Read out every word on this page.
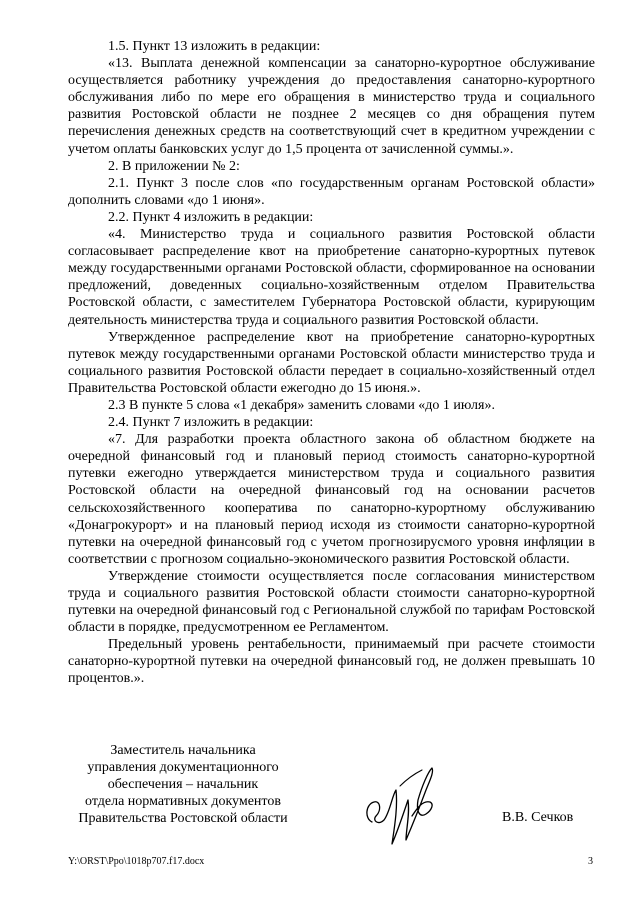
1.5. Пункт 13 изложить в редакции:

«13. Выплата денежной компенсации за санаторно-курортное обслуживание осуществляется работнику учреждения до предоставления санаторно-курортного обслуживания либо по мере его обращения в министерство труда и социального развития Ростовской области не позднее 2 месяцев со дня обращения путем перечисления денежных средств на соответствующий счет в кредитном учреждении с учетом оплаты банковских услуг до 1,5 процента от зачисленной суммы.».

2. В приложении № 2:

2.1. Пункт 3 после слов «по государственным органам Ростовской области» дополнить словами «до 1 июня».

2.2. Пункт 4 изложить в редакции:

«4. Министерство труда и социального развития Ростовской области согласовывает распределение квот на приобретение санаторно-курортных путевок между государственными органами Ростовской области, сформированное на основании предложений, доведенных социально-хозяйственным отделом Правительства Ростовской области, с заместителем Губернатора Ростовской области, курирующим деятельность министерства труда и социального развития Ростовской области.

Утвержденное распределение квот на приобретение санаторно-курортных путевок между государственными органами Ростовской области министерство труда и социального развития Ростовской области передает в социально-хозяйственный отдел Правительства Ростовской области ежегодно до 15 июня.».

2.3 В пункте 5 слова «1 декабря» заменить словами «до 1 июля».

2.4. Пункт 7 изложить в редакции:

«7. Для разработки проекта областного закона об областном бюджете на очередной финансовый год и плановый период стоимость санаторно-курортной путевки ежегодно утверждается министерством труда и социального развития Ростовской области на очередной финансовый год на основании расчетов сельскохозяйственного кооператива по санаторно-курортному обслуживанию «Донагрокурорт» и на плановый период исходя из стоимости санаторно-курортной путевки на очередной финансовый год с учетом прогнозирусмого уровня инфляции в соответствии с прогнозом социально-экономического развития Ростовской области.

Утверждение стоимости осуществляется после согласования министерством труда и социального развития Ростовской области стоимости санаторно-курортной путевки на очередной финансовый год с Региональной службой по тарифам Ростовской области в порядке, предусмотренном ее Регламентом.

Предельный уровень рентабельности, принимаемый при расчете стоимости санаторно-курортной путевки на очередной финансовый год, не должен превышать 10 процентов.».

Заместитель начальника
управления документационного
обеспечения – начальник
отдела нормативных документов
Правительства Ростовской области	В.В. Сечков
Y:\ORST\Ppo\1018p707.f17.docx	3
